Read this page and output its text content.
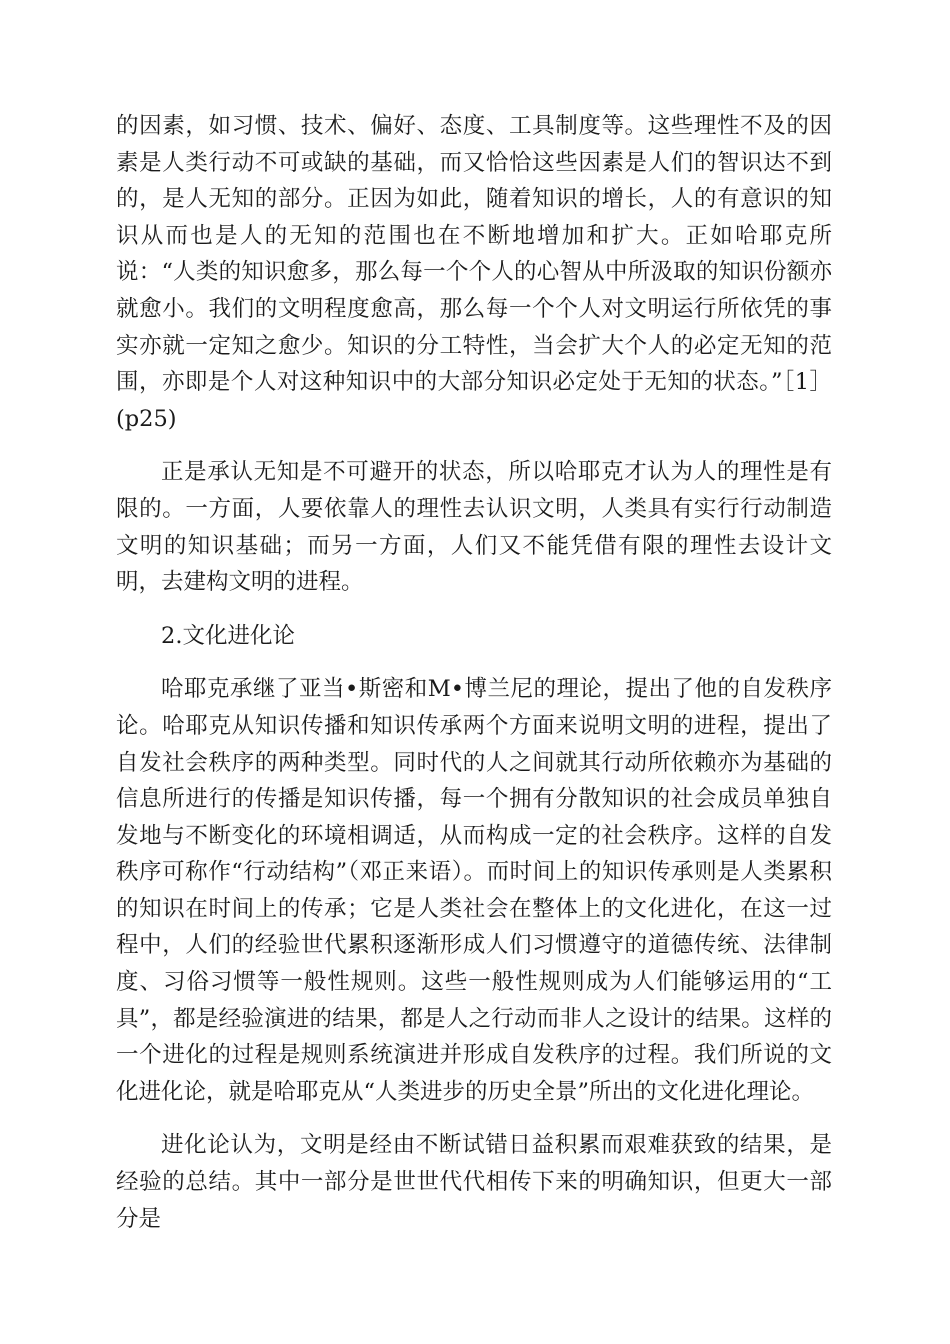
的因素，如习惯、技术、偏好、态度、工具制度等。这些理性不及的因素是人类行动不可或缺的基础，而又恰恰这些因素是人们的智识达不到的，是人无知的部分。正因为如此，随着知识的增长，人的有意识的知识从而也是人的无知的范围也在不断地增加和扩大。正如哈耶克所说：“人类的知识愈多，那么每一个个人的心智从中所汲取的知识份额亦就愈小。我们的文明程度愈高，那么每一个个人对文明运行所依凭的事实亦就一定知之愈少。知识的分工特性，当会扩大个人的必定无知的范围，亦即是个人对这种知识中的大部分知识必定处于无知的状态。”［1］(p25)

正是承认无知是不可避开的状态，所以哈耶克才认为人的理性是有限的。一方面，人要依靠人的理性去认识文明，人类具有实行行动制造文明的知识基础；而另一方面，人们又不能凭借有限的理性去设计文明，去建构文明的进程。

2.文化进化论

哈耶克承继了亚当•斯密和M•博兰尼的理论，提出了他的自发秩序论。哈耶克从知识传播和知识传承两个方面来说明文明的进程，提出了自发社会秩序的两种类型。同时代的人之间就其行动所依赖亦为基础的信息所进行的传播是知识传播，每一个拥有分散知识的社会成员单独自发地与不断变化的环境相调适，从而构成一定的社会秩序。这样的自发秩序可称作“行动结构”（邓正来语）。而时间上的知识传承则是人类累积的知识在时间上的传承；它是人类社会在整体上的文化进化，在这一过程中，人们的经验世代累积逐渐形成人们习惯遵守的道德传统、法律制度、习俗习惯等一般性规则。这些一般性规则成为人们能够运用的“工具”，都是经验演进的结果，都是人之行动而非人之设计的结果。这样的一个进化的过程是规则系统演进并形成自发秩序的过程。我们所说的文化进化论，就是哈耶克从“人类进步的历史全景”所出的文化进化理论。

进化论认为，文明是经由不断试错日益积累而艰难获致的结果，是经验的总结。其中一部分是世世代代相传下来的明确知识，但更大一部分是
